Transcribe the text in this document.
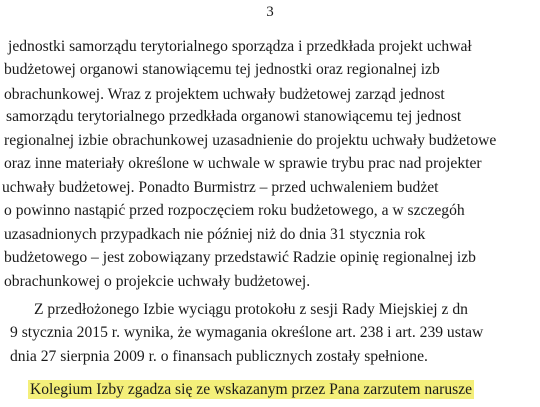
3
jednostki samorządu terytorialnego sporządza i przedkłada projekt uchwał
budżetowej organowi stanowiącemu tej jednostki oraz regionalnej izb
obrachunkowej. Wraz z projektem uchwały budżetowej zarząd jednost
samorządu terytorialnego przedkłada organowi stanowiącemu tej jednost
regionalnej izbie obrachunkowej uzasadnienie do projektu uchwały budżetowe
oraz inne materiały określone w uchwale w sprawie trybu prac nad projekter
uchwały budżetowej. Ponadto Burmistrz – przed uchwaleniem budżet
o powinno nastąpić przed rozpoczęciem roku budżetowego, a w szczegóh
uzasadnionych przypadkach nie później niż do dnia 31 stycznia rok
budżetowego – jest zobowiązany przedstawić Radzie opinię regionalnej izb
obrachunkowej o projekcie uchwały budżetowej.
Z przedłożonego Izbie wyciągu protokołu z sesji Rady Miejskiej z dn
9 stycznia 2015 r. wynika, że wymagania określone art. 238 i art. 239 ustaw
dnia 27 sierpnia 2009 r. o finansach publicznych zostały spełnione.
Kolegium Izby zgadza się ze wskazanym przez Pana zarzutem narusze
